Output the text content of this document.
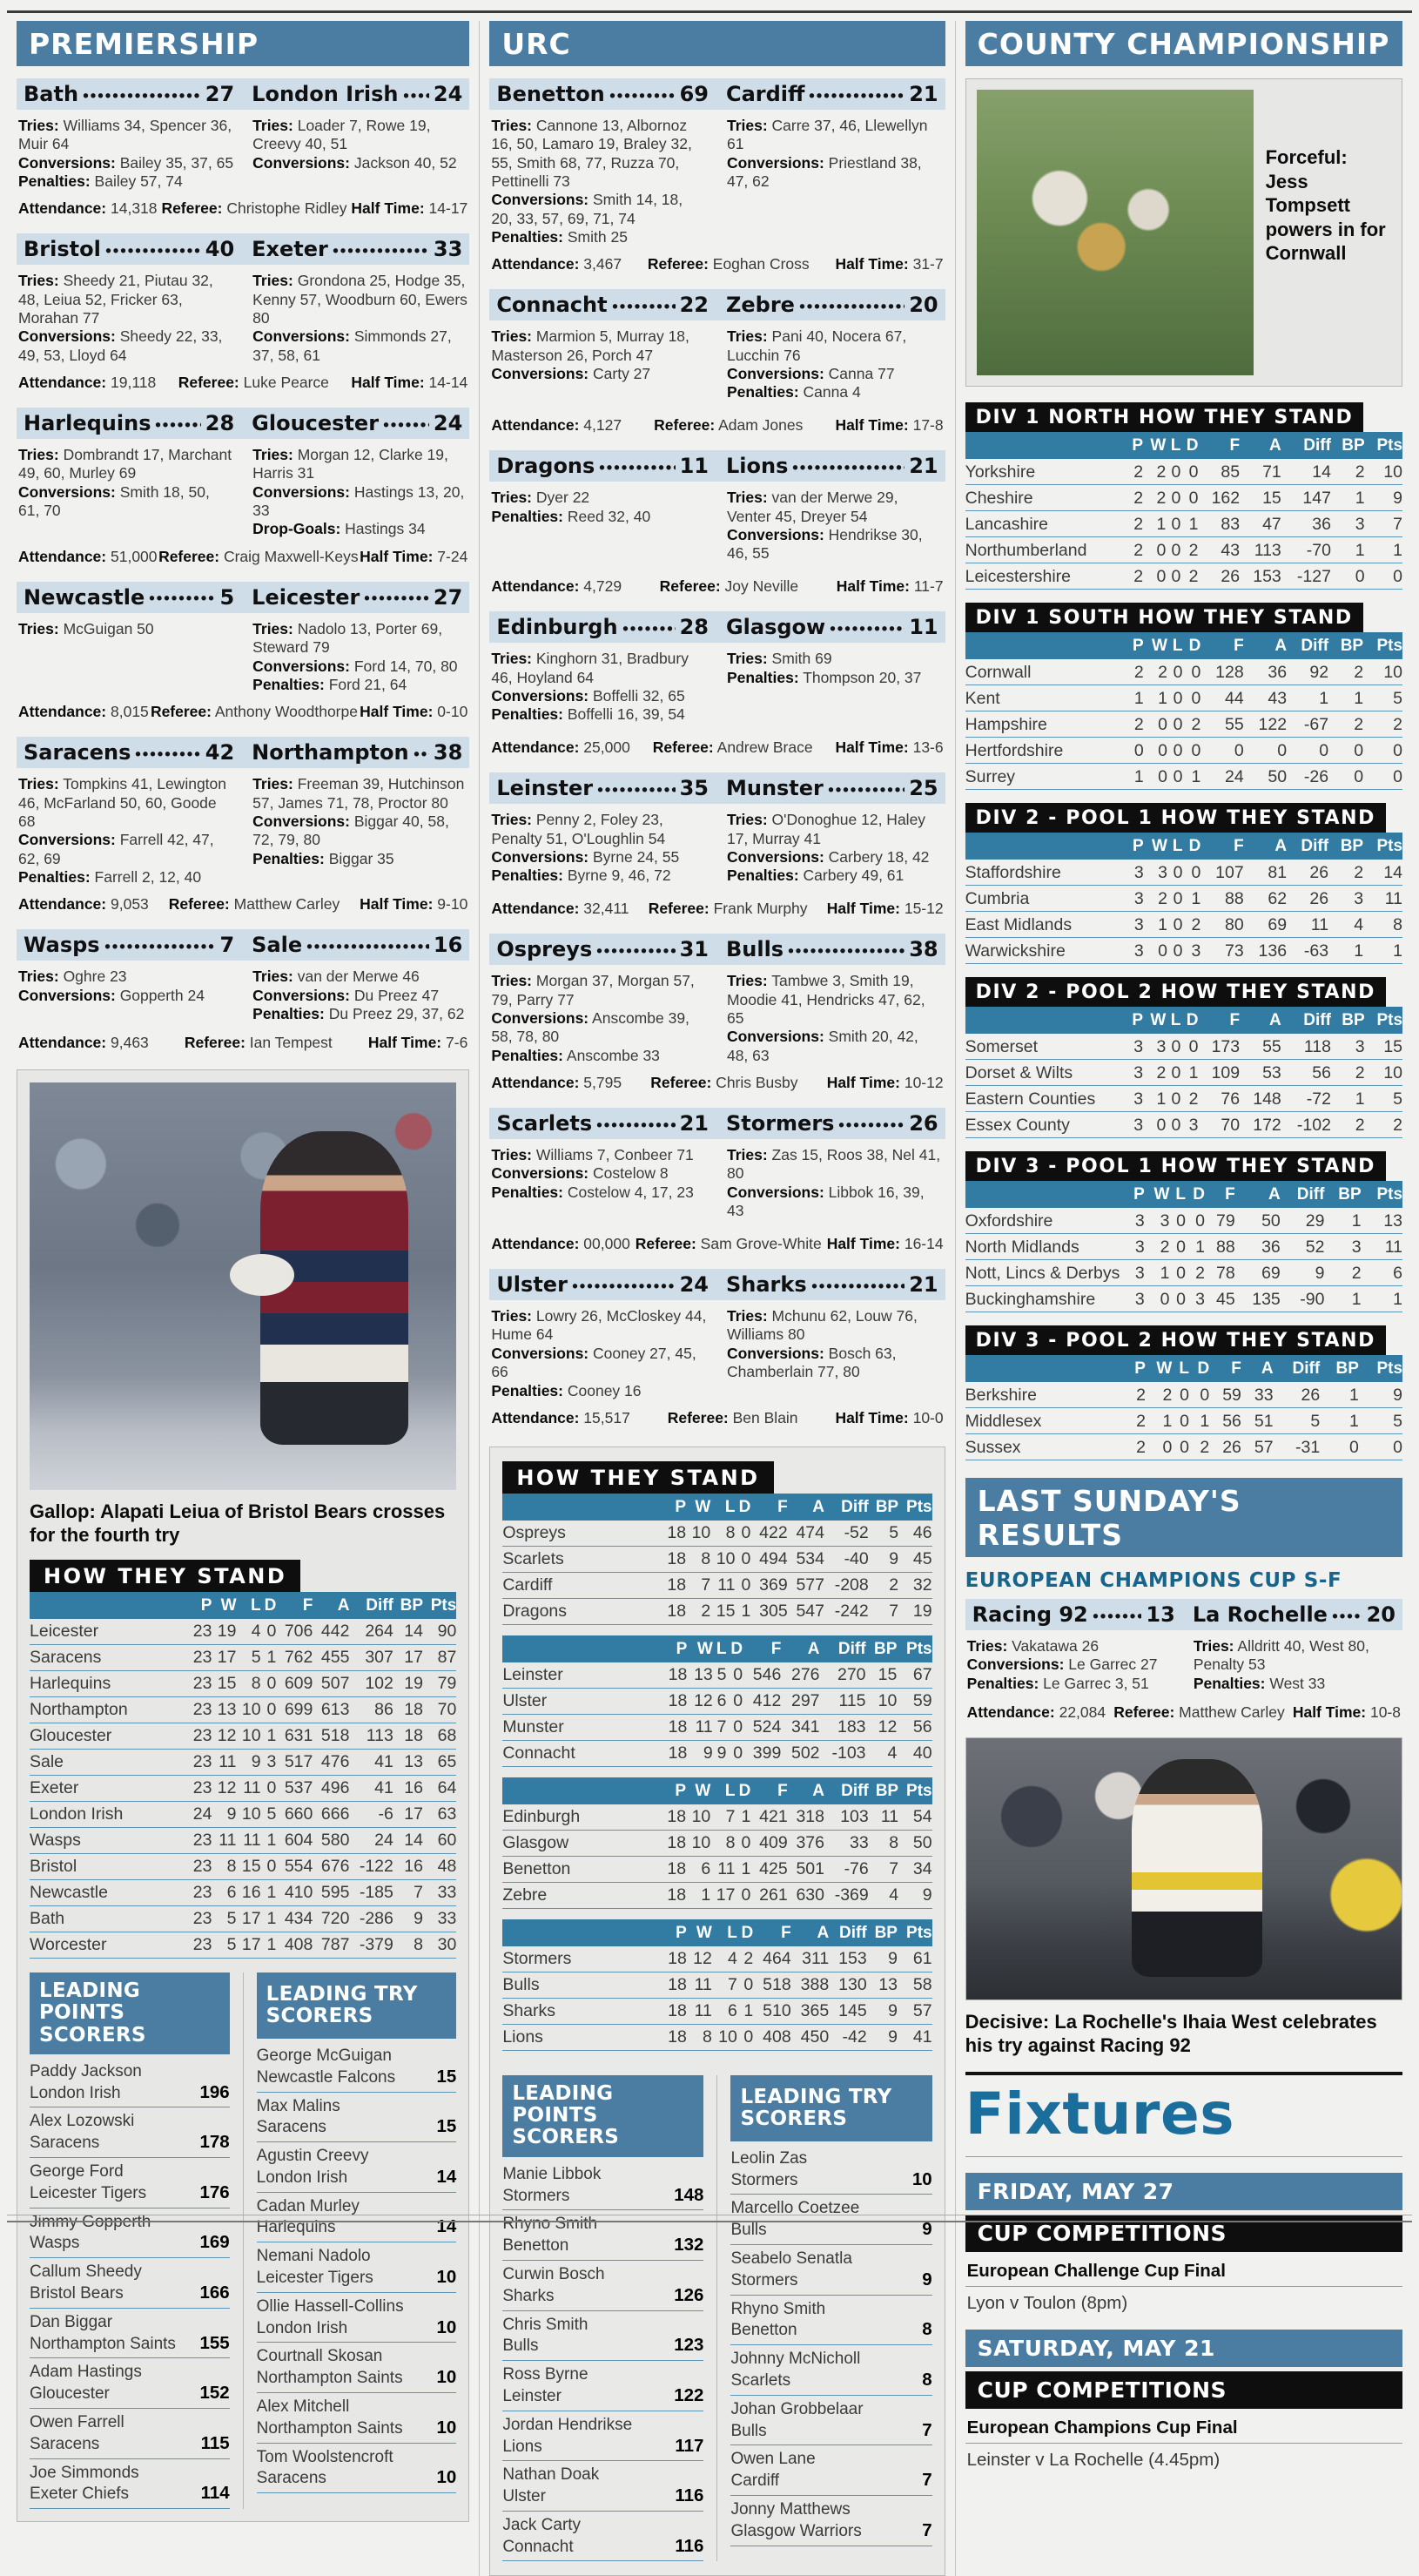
PREMIERSHIP
Bath	27 London Irish 24

Tries: Williams 34, Spencer 36, Muir 64

Conversions: Bailey 35, 37, 65

Penalties: Bailey 57, 74

Tries: Loader 7, Rowe 19, Creevy 40, 51

Conversions: Jackson 40, 52

Attendance: 14,318 Referee: Christophe Ridley Half Time: 14-17
Bristol	40 Exeter	33

Tries: Sheedy 21, Piutau 32, 48, Leiua 52, Fricker 63, Morahan 77

Conversions: Sheedy 22, 33, 49, 53, Lloyd 64

Tries: Grondona 25, Hodge 35, Kenny 57, Woodburn 60, Ewers 80

Conversions: Simmonds 27, 37, 58, 61

Attendance: 19,118 Referee: Luke Pearce Half Time: 14-14
Harlequins	28 Gloucester	24

Tries: Dombrandt 17, Marchant 49, 60, Murley 69

Conversions: Smith 18, 50, 61, 70

Tries: Morgan 12, Clarke 19, Harris 31

Conversions: Hastings 13, 20, 33

Drop-Goals: Hastings 34

Attendance: 51,000 Referee: Craig Maxwell-Keys Half Time: 7-24
Newcastle	5 Leicester	27

Tries: McGuigan 50	Tries: Nadolo 13, Porter 69, Steward 79

Conversions: Ford 14, 70, 80

Penalties: Ford 21, 64

Attendance: 8,015 Referee: Anthony Woodthorpe Half Time: 0-10
Saracens	42 Northampton 38

Tries: Tompkins 41, Lewington 46, McFarland 50, 60, Goode 68

Conversions: Farrell 42, 47, 62, 69

Penalties: Farrell 2, 12, 40

Tries: Freeman 39, Hutchinson 57, James 71, 78, Proctor 80

Conversions: Biggar 40, 58, 72, 79, 80

Penalties: Biggar 35

Attendance: 9,053 Referee: Matthew Carley Half Time: 9-10
Wasps	7 Sale	16

Tries: Oghre 23

Conversions: Gopperth 24

Tries: van der Merwe 46

Conversions: Du Preez 47

Penalties: Du Preez 29, 37, 62

Attendance: 9,463 Referee: Ian Tempest Half Time: 7-6
Gallop: Alapati Leiua of Bristol Bears crosses for the fourth try
HOW THEY STAND
	P	W	L	D	F	A	Diff	BP	Pts
Leicester	23	19	4	0	706	442	264	14	90
Saracens	23	17	5	1	762	455	307	17	87
Harlequins	23	15	8	0	609	507	102	19	79
Northampton	23	13	10	0	699	613	86	18	70
Gloucester	23	12	10	1	631	518	113	18	68
Sale	23	11	9	3	517	476	41	13	65
Exeter	23	12	11	0	537	496	41	16	64
London Irish	24	9	10	5	660	666	-6	17	63
Wasps	23	11	11	1	604	580	24	14	60
Bristol	23	8	15	0	554	676	-122	16	48
Newcastle	23	6	16	1	410	595	-185	7	33
Bath	23	5	17	1	434	720	-286	9	33
Worcester	23	5	17	1	408	787	-379	8	30
LEADING POINTS SCORERS
Paddy Jackson
London Irish	196
Alex Lozowski
Saracens	178
George Ford
Leicester Tigers	176
Jimmy Gopperth
Wasps	169
Callum Sheedy
Bristol Bears	166
Dan Biggar
Northampton Saints 155
Adam Hastings
Gloucester	152
Owen Farrell
Saracens	115
Joe Simmonds
Exeter Chiefs	114
LEADING TRY SCORERS
George McGuigan
Newcastle Falcons 15
Max Malins
Saracens	15
Agustin Creevy
London Irish	14
Cadan Murley
Harlequins	14
Nemani Nadolo
Leicester Tigers	10
Ollie Hassell-Collins
London Irish	10
Courtnall Skosan
Northampton Saints 10
Alex Mitchell
Northampton Saints 10
Tom Woolstencroft
Saracens	10
URC
Benetton	69 Cardiff	21

Tries: Cannone 13, Albornoz 16, 50, Lamaro 19, Braley 32, 55, Smith 68, 77, Ruzza 70, Pettinelli 73

Conversions: Smith 14, 18, 20, 33, 57, 69, 71, 74

Penalties: Smith 25

Tries: Carre 37, 46, Llewellyn 61

Conversions: Priestland 38, 47, 62

Attendance: 3,467 Referee: Eoghan Cross Half Time: 31-7
Connacht	22 Zebre	20

Tries: Marmion 5, Murray 18, Masterson 26, Porch 47

Conversions: Carty 27

Tries: Pani 40, Nocera 67, Lucchin 76

Conversions: Canna 77

Penalties: Canna 4

Attendance: 4,127 Referee: Adam Jones Half Time: 17-8
Dragons	11 Lions	21

Tries: Dyer 22

Penalties: Reed 32, 40

Tries: van der Merwe 29, Venter 45, Dreyer 54

Conversions: Hendrikse 30, 46, 55

Attendance: 4,729 Referee: Joy Neville Half Time: 11-7
Edinburgh	28 Glasgow	11

Tries: Kinghorn 31, Bradbury 46, Hoyland 64

Conversions: Boffelli 32, 65

Penalties: Boffelli 16, 39, 54

Tries: Smith 69

Penalties: Thompson 20, 37

Attendance: 25,000 Referee: Andrew Brace Half Time: 13-6
Leinster	35 Munster	25

Tries: Penny 2, Foley 23, Penalty 51, O'Loughlin 54

Conversions: Byrne 24, 55

Penalties: Byrne 9, 46, 72

Tries: O'Donoghue 12, Haley 17, Murray 41

Conversions: Carbery 18, 42

Penalties: Carbery 49, 61

Attendance: 32,411 Referee: Frank Murphy Half Time: 15-12
Ospreys	31 Bulls	38

Tries: Morgan 37, Morgan 57, 79, Parry 77

Conversions: Anscombe 39, 58, 78, 80

Penalties: Anscombe 33

Tries: Tambwe 3, Smith 19, Moodie 41, Hendricks 47, 62, 65

Conversions: Smith 20, 42, 48, 63

Attendance: 5,795 Referee: Chris Busby Half Time: 10-12
Scarlets	21 Stormers	26

Tries: Williams 7, Conbeer 71

Conversions: Costelow 8

Penalties: Costelow 4, 17, 23

Tries: Zas 15, Roos 38, Nel 41, 80

Conversions: Libbok 16, 39, 43

Attendance: 00,000 Referee: Sam Grove-White Half Time: 16-14
Ulster	24 Sharks	21

Tries: Lowry 26, McCloskey 44, Hume 64

Conversions: Cooney 27, 45, 66

Penalties: Cooney 16

Tries: Mchunu 62, Louw 76, Williams 80

Conversions: Bosch 63, Chamberlain 77, 80

Attendance: 15,517 Referee: Ben Blain Half Time: 10-0
HOW THEY STAND
	P	W	L	D	F	A	Diff	BP	Pts
Ospreys	18	10	8	0	422	474	-52	5	46
Scarlets	18	8	10	0	494	534	-40	9	45
Cardiff	18	7	11	0	369	577	-208	2	32
Dragons	18	2	15	1	305	547	-242	7	19
	P	W	L	D	F	A	Diff	BP	Pts
Leinster	18	13	5	0	546	276	270	15	67
Ulster	18	12	6	0	412	297	115	10	59
Munster	18	11	7	0	524	341	183	12	56
Connacht	18	9	9	0	399	502	-103	4	40
	P	W	L	D	F	A	Diff	BP	Pts
Edinburgh	18	10	7	1	421	318	103	11	54
Glasgow	18	10	8	0	409	376	33	8	50
Benetton	18	6	11	1	425	501	-76	7	34
Zebre	18	1	17	0	261	630	-369	4	9
	P	W	L	D	F	A	Diff	BP	Pts
Stormers	18	12	4	2	464	311	153	9	61
Bulls	18	11	7	0	518	388	130	13	58
Sharks	18	11	6	1	510	365	145	9	57
Lions	18	8	10	0	408	450	-42	9	41
LEADING POINTS SCORERS
Manie Libbok
Stormers	148
Rhyno Smith
Benetton	132
Curwin Bosch
Sharks	126
Chris Smith
Bulls	123
Ross Byrne
Leinster	122
Jordan Hendrikse
Lions	117
Nathan Doak
Ulster	116
Jack Carty
Connacht	116
LEADING TRY SCORERS
Leolin Zas
Stormers	10
Marcello Coetzee
Bulls	9
Seabelo Senatla
Stormers	9
Rhyno Smith
Benetton	8
Johnny McNicholl
Scarlets	8
Johan Grobbelaar
Bulls	7
Owen Lane
Cardiff	7
Jonny Matthews
Glasgow Warriors	7
COUNTY CHAMPIONSHIP
Forceful: Jess Tompsett powers in for Cornwall
DIV 1 NORTH HOW THEY STAND
	P	W	L	D	F	A	Diff	BP	Pts
Yorkshire	2	2	0	0	85	71	14	2	10
Cheshire	2	2	0	0	162	15	147	1	9
Lancashire	2	1	0	1	83	47	36	3	7
Northumberland	2	0	0	2	43	113	-70	1	1
Leicestershire	2	0	0	2	26	153	-127	0	0
DIV 1 SOUTH HOW THEY STAND
	P	W	L	D	F	A	Diff	BP	Pts
Cornwall	2	2	0	0	128	36	92	2	10
Kent	1	1	0	0	44	43	1	1	5
Hampshire	2	0	0	2	55	122	-67	2	2
Hertfordshire	0	0	0	0	0	0	0	0	0
Surrey	1	0	0	1	24	50	-26	0	0
DIV 2 - POOL 1 HOW THEY STAND
	P	W	L	D	F	A	Diff	BP	Pts
Staffordshire	3	3	0	0	107	81	26	2	14
Cumbria	3	2	0	1	88	62	26	3	11
East Midlands	3	1	0	2	80	69	11	4	8
Warwickshire	3	0	0	3	73	136	-63	1	1
DIV 2 - POOL 2 HOW THEY STAND
	P	W	L	D	F	A	Diff	BP	Pts
Somerset	3	3	0	0	173	55	118	3	15
Dorset & Wilts	3	2	0	1	109	53	56	2	10
Eastern Counties	3	1	0	2	76	148	-72	1	5
Essex County	3	0	0	3	70	172	-102	2	2
DIV 3 - POOL 1 HOW THEY STAND
	P	W	L	D	F	A	Diff	BP	Pts
Oxfordshire	3	3	0	0	79	50	29	1	13
North Midlands	3	2	0	1	88	36	52	3	11
Nott, Lincs & Derbys	3	1	0	2	78	69	9	2	6
Buckinghamshire	3	0	0	3	45	135	-90	1	1
DIV 3 - POOL 2 HOW THEY STAND
	P	W	L	D	F	A	Diff	BP	Pts
Berkshire	2	2	0	0	59	33	26	1	9
Middlesex	2	1	0	1	56	51	5	1	5
Sussex	2	0	0	2	26	57	-31	0	0
LAST SUNDAY'S RESULTS
EUROPEAN CHAMPIONS CUP S-F
Racing 92	13 La Rochelle 20

Tries: Vakatawa 26

Conversions: Le Garrec 27

Penalties: Le Garrec 3, 51

Tries: Alldritt 40, West 80, Penalty 53

Penalties: West 33

Attendance: 22,084 Referee: Matthew Carley Half Time: 10-8
Decisive: La Rochelle's Ihaia West celebrates his try against Racing 92
Fixtures
FRIDAY, MAY 27
CUP COMPETITIONS
European Challenge Cup Final
Lyon v Toulon (8pm)
SATURDAY, MAY 21
CUP COMPETITIONS
European Champions Cup Final
Leinster v La Rochelle (4.45pm)
